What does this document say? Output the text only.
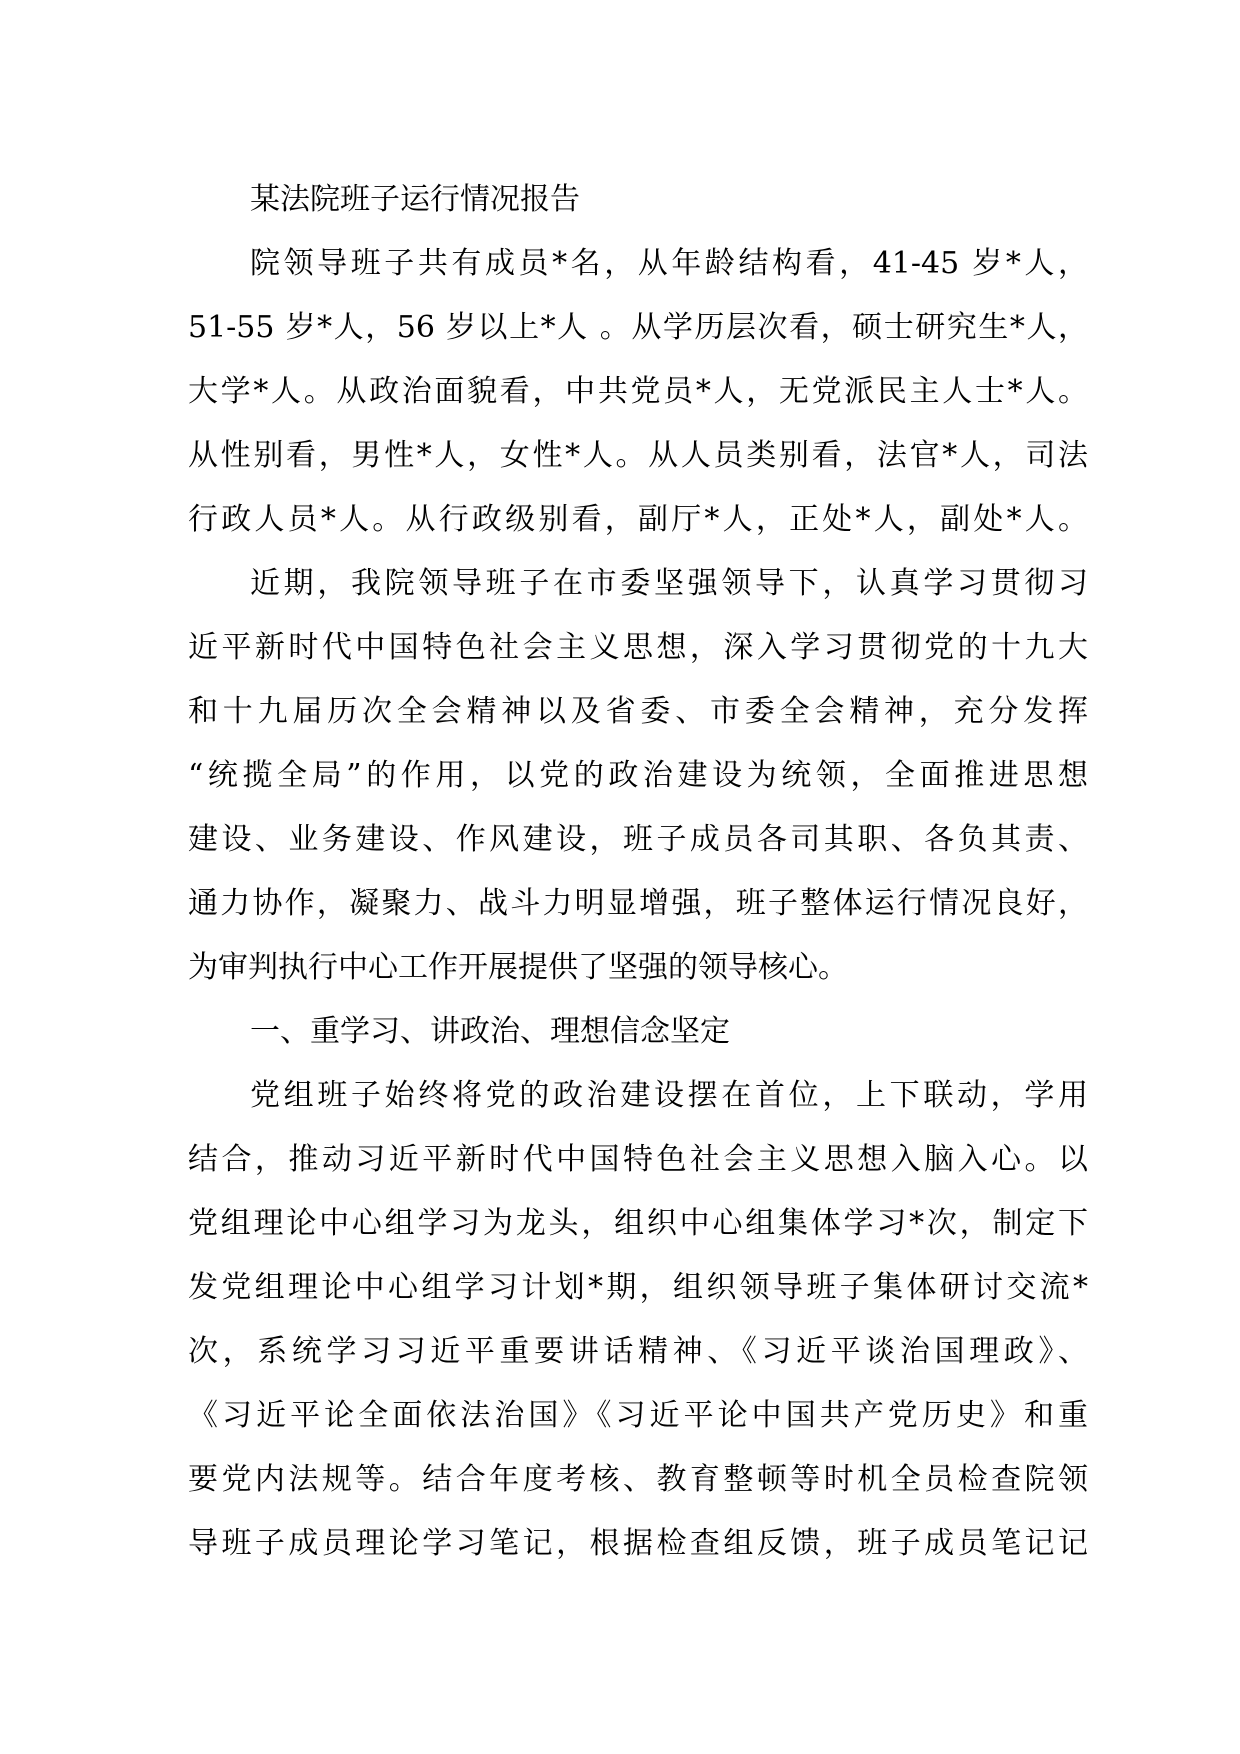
某法院班子运行情况报告
院领导班子共有成员*名，从年龄结构看，41-45 岁*人，
51-55 岁*人，56 岁以上*人 。从学历层次看，硕士研究生*人，
大学*人。从政治面貌看，中共党员*人，无党派民主人士*人。
从性别看，男性*人，女性*人。从人员类别看，法官*人，司法
行政人员*人。从行政级别看，副厅*人，正处*人，副处*人。
近期，我院领导班子在市委坚强领导下，认真学习贯彻习
近平新时代中国特色社会主义思想，深入学习贯彻党的十九大
和十九届历次全会精神以及省委、市委全会精神，充分发挥
“统揽全局”的作用，以党的政治建设为统领，全面推进思想
建设、业务建设、作风建设，班子成员各司其职、各负其责、
通力协作，凝聚力、战斗力明显增强，班子整体运行情况良好，
为审判执行中心工作开展提供了坚强的领导核心。
一、重学习、讲政治、理想信念坚定
党组班子始终将党的政治建设摆在首位，上下联动，学用
结合，推动习近平新时代中国特色社会主义思想入脑入心。以
党组理论中心组学习为龙头，组织中心组集体学习*次，制定下
发党组理论中心组学习计划*期，组织领导班子集体研讨交流*
次，系统学习习近平重要讲话精神、《习近平谈治国理政》、
《习近平论全面依法治国》《习近平论中国共产党历史》和重
要党内法规等。结合年度考核、教育整顿等时机全员检查院领
导班子成员理论学习笔记，根据检查组反馈，班子成员笔记记
